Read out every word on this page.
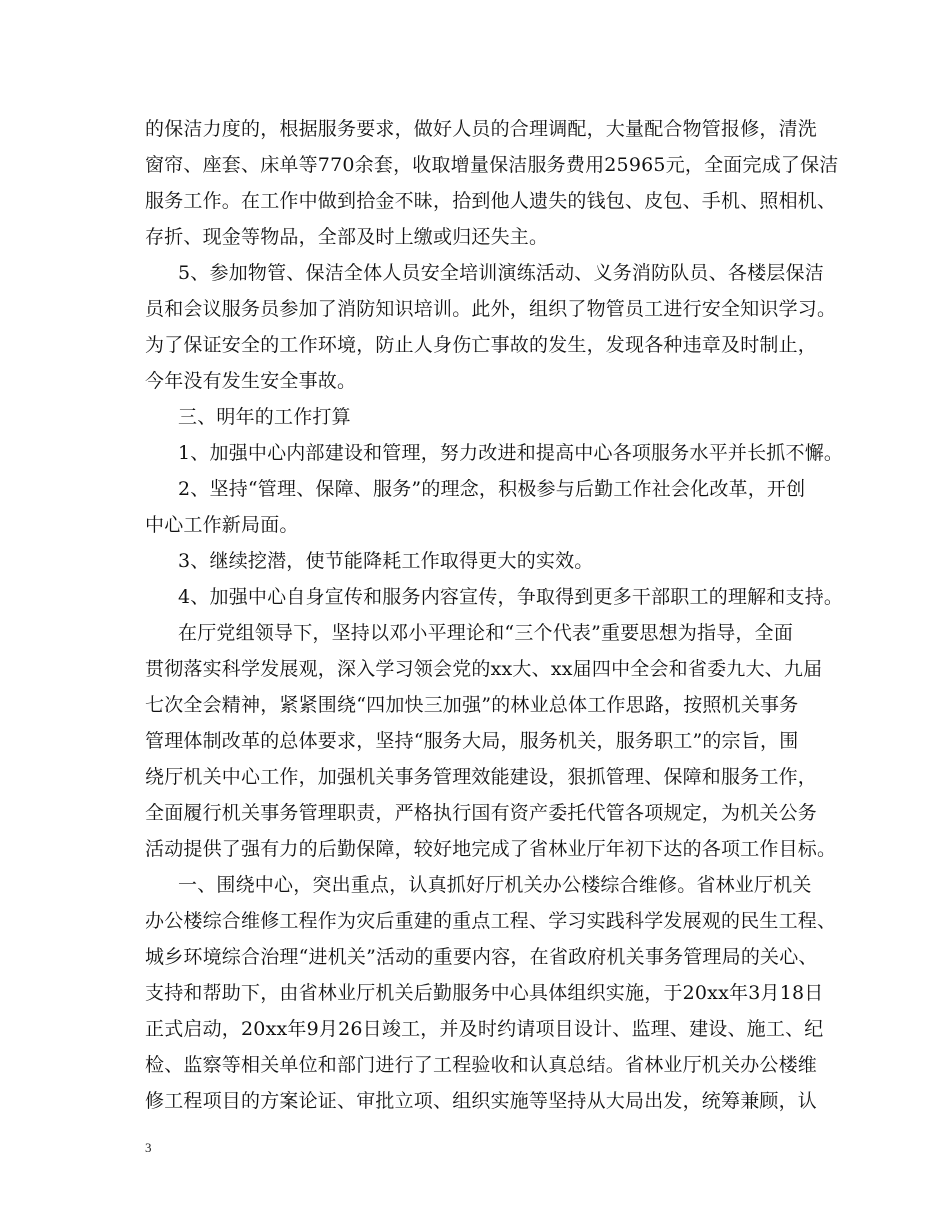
的保洁力度的，根据服务要求，做好人员的合理调配，大量配合物管报修，清洗
窗帘、座套、床单等770余套，收取增量保洁服务费用25965元，全面完成了保洁
服务工作。在工作中做到拾金不昧，拾到他人遗失的钱包、皮包、手机、照相机、
存折、现金等物品，全部及时上缴或归还失主。
5、参加物管、保洁全体人员安全培训演练活动、义务消防队员、各楼层保洁
员和会议服务员参加了消防知识培训。此外，组织了物管员工进行安全知识学习。
为了保证安全的工作环境，防止人身伤亡事故的发生，发现各种违章及时制止，
今年没有发生安全事故。
三、明年的工作打算
1、加强中心内部建设和管理，努力改进和提高中心各项服务水平并长抓不懈。
2、坚持“管理、保障、服务”的理念，积极参与后勤工作社会化改革，开创
中心工作新局面。
3、继续挖潜，使节能降耗工作取得更大的实效。
4、加强中心自身宣传和服务内容宣传，争取得到更多干部职工的理解和支持。
在厅党组领导下，坚持以邓小平理论和“三个代表”重要思想为指导，全面
贯彻落实科学发展观，深入学习领会党的xx大、xx届四中全会和省委九大、九届
七次全会精神，紧紧围绕“四加快三加强”的林业总体工作思路，按照机关事务
管理体制改革的总体要求，坚持“服务大局，服务机关，服务职工”的宗旨，围
绕厅机关中心工作，加强机关事务管理效能建设，狠抓管理、保障和服务工作，
全面履行机关事务管理职责，严格执行国有资产委托代管各项规定，为机关公务
活动提供了强有力的后勤保障，较好地完成了省林业厅年初下达的各项工作目标。
一、围绕中心，突出重点，认真抓好厅机关办公楼综合维修。省林业厅机关
办公楼综合维修工程作为灾后重建的重点工程、学习实践科学发展观的民生工程、
城乡环境综合治理“进机关”活动的重要内容，在省政府机关事务管理局的关心、
支持和帮助下，由省林业厅机关后勤服务中心具体组织实施，于20xx年3月18日
正式启动，20xx年9月26日竣工，并及时约请项目设计、监理、建设、施工、纪
检、监察等相关单位和部门进行了工程验收和认真总结。省林业厅机关办公楼维
修工程项目的方案论证、审批立项、组织实施等坚持从大局出发，统筹兼顾，认
3
